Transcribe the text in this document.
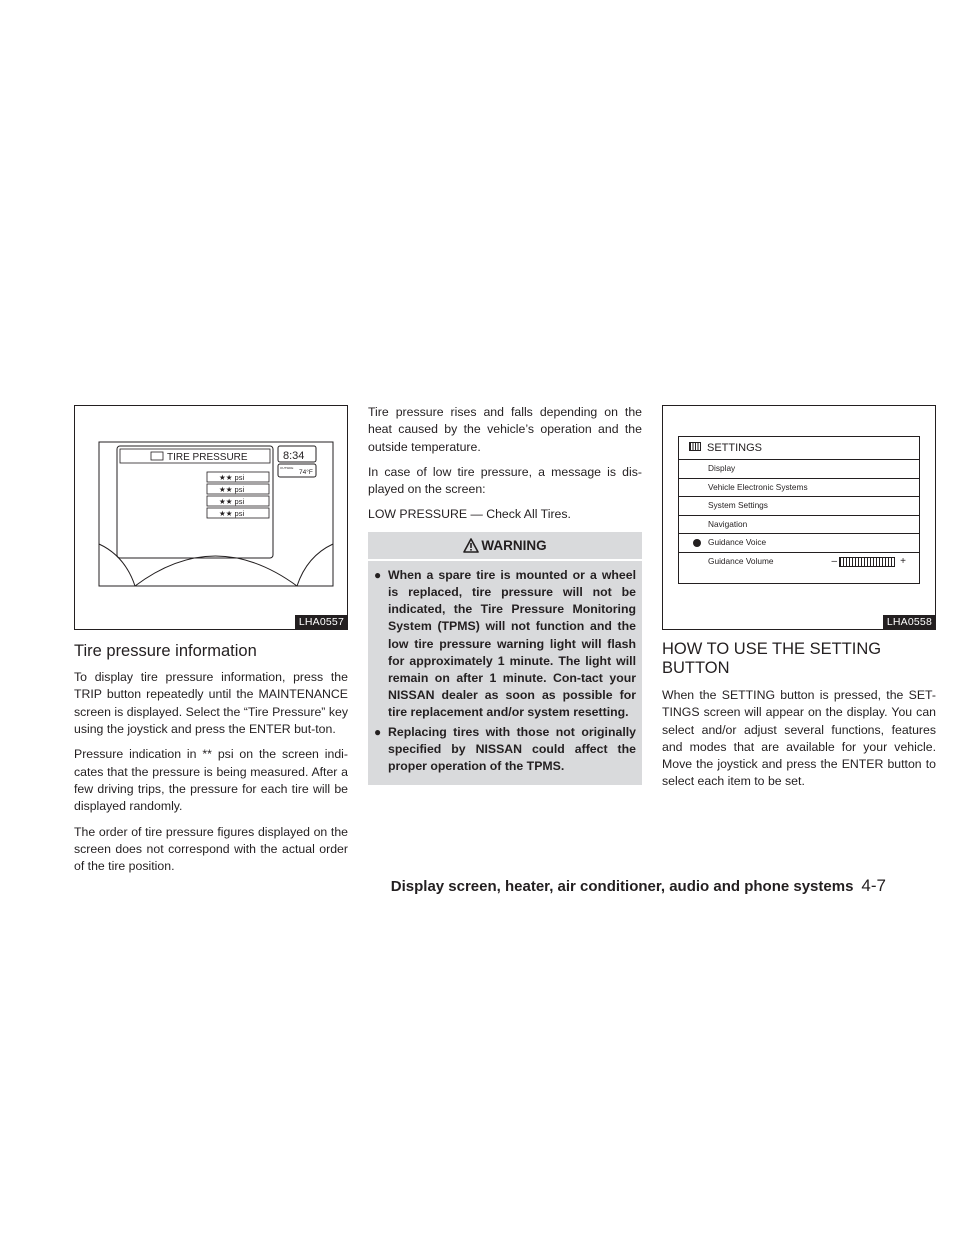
TIRE PRESSURE
★★ psi
★★ psi
★★ psi
★★ psi
8:34
OUTSIDE
74°F
LHA0557
Tire pressure information

To display tire pressure information, press the TRIP button repeatedly until the MAINTENANCE screen is displayed. Select the “Tire Pressure” key using the joystick and press the ENTER but-ton.

Pressure indication in ** psi on the screen indi-cates that the pressure is being measured. After a few driving trips, the pressure for each tire will be displayed randomly.

The order of tire pressure figures displayed on the screen does not correspond with the actual order of the tire position.

Tire pressure rises and falls depending on the heat caused by the vehicle’s operation and the outside temperature.

In case of low tire pressure, a message is dis-played on the screen:

LOW PRESSURE — Check All Tires.

WARNING
● When a spare tire is mounted or a wheel is replaced, tire pressure will not be indicated, the Tire Pressure Monitoring System (TPMS) will not function and the low tire pressure warning light will flash for approximately 1 minute. The light will remain on after 1 minute. Con-tact your NISSAN dealer as soon as possible for tire replacement and/or system resetting.
● Replacing tires with those not originally specified by NISSAN could affect the proper operation of the TPMS.
SETTINGS
Display
Vehicle Electronic Systems
System Settings
Navigation
Guidance Voice
Guidance Volume	–	+
LHA0558
HOW TO USE THE SETTING BUTTON

When the SETTING button is pressed, the SET-TINGS screen will appear on the display. You can select and/or adjust several functions, features and modes that are available for your vehicle. Move the joystick and press the ENTER button to select each item to be set.

Display screen, heater, air conditioner, audio and phone systems 4-7
